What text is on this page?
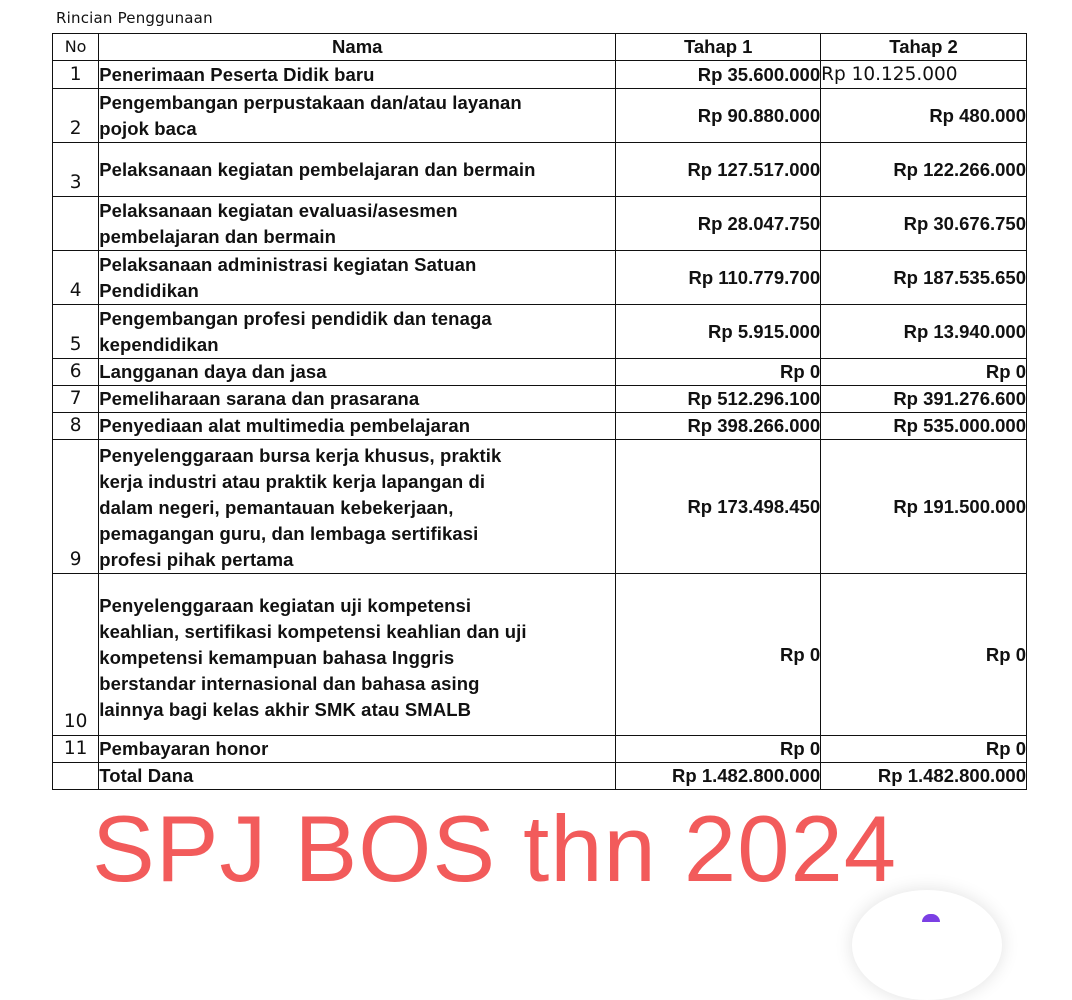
Rincian Penggunaan
No	Nama	Tahap 1	Tahap 2
1	Penerimaan Peserta Didik baru	Rp 35.600.000	Rp 10.125.000
2	Pengembangan perpustakaan dan/atau layanan
pojok baca	Rp 90.880.000	Rp 480.000
3	Pelaksanaan kegiatan pembelajaran dan bermain	Rp 127.517.000	Rp 122.266.000

	Pelaksanaan kegiatan evaluasi/asesmen
pembelajaran dan bermain	Rp 28.047.750	Rp 30.676.750
4	Pelaksanaan administrasi kegiatan Satuan
Pendidikan	Rp 110.779.700	Rp 187.535.650
5	Pengembangan profesi pendidik dan tenaga
kependidikan	Rp 5.915.000	Rp 13.940.000
6	Langganan daya dan jasa	Rp 0	Rp 0
7	Pemeliharaan sarana dan prasarana	Rp 512.296.100	Rp 391.276.600
8	Penyediaan alat multimedia pembelajaran	Rp 398.266.000	Rp 535.000.000
9	Penyelenggaraan bursa kerja khusus, praktik
kerja industri atau praktik kerja lapangan di
dalam negeri, pemantauan kebekerjaan,
pemagangan guru, dan lembaga sertifikasi
profesi pihak pertama	Rp 173.498.450	Rp 191.500.000
10	Penyelenggaraan kegiatan uji kompetensi
keahlian, sertifikasi kompetensi keahlian dan uji
kompetensi kemampuan bahasa Inggris
berstandar internasional dan bahasa asing
lainnya bagi kelas akhir SMK atau SMALB	Rp 0	Rp 0
11	Pembayaran honor	Rp 0	Rp 0
	Total Dana	Rp 1.482.800.000	Rp 1.482.800.000
SPJ BOS thn 2024
